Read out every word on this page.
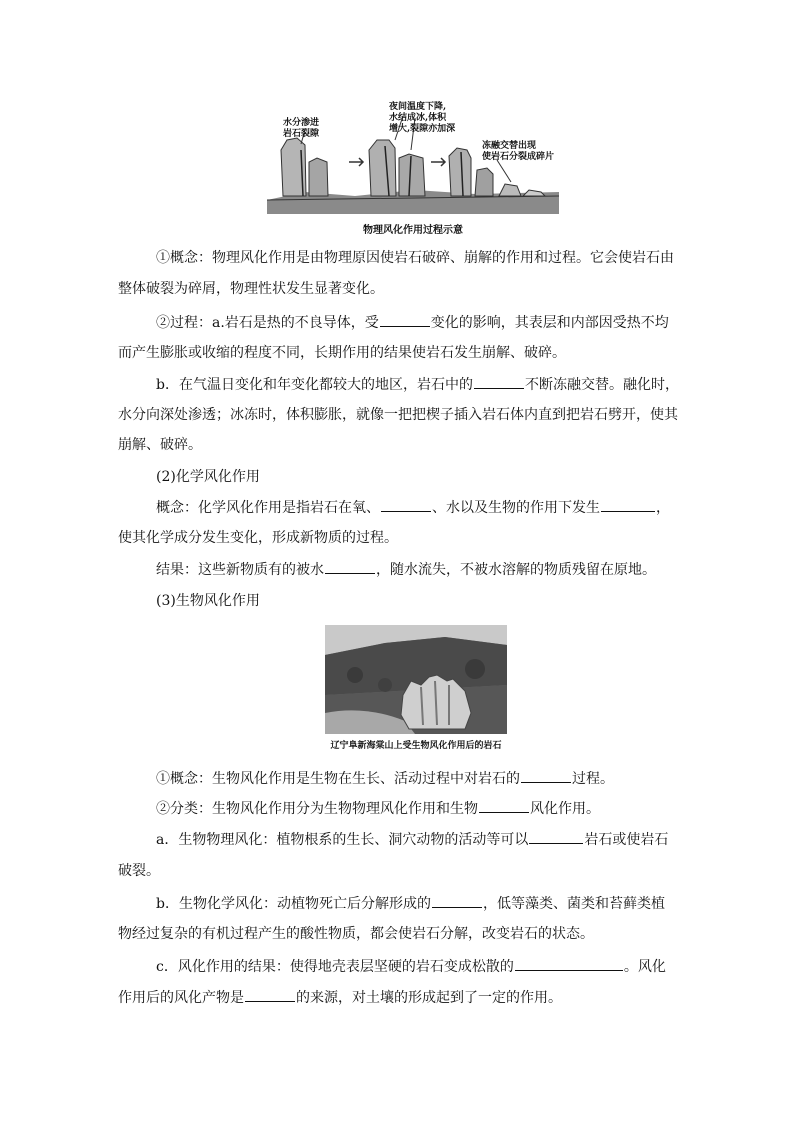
水分渗进
岩石裂隙
夜间温度下降,
水结成冰,体积
增大,裂隙亦加深
冻融交替出现
使岩石分裂成碎片
物理风化作用过程示意

①概念：物理风化作用是由物理原因使岩石破碎、崩解的作用和过程。它会使岩石由

整体破裂为碎屑，物理性状发生显著变化。

②过程：a.岩石是热的不良导体，受	变化的影响，其表层和内部因受热不均

而产生膨胀或收缩的程度不同，长期作用的结果使岩石发生崩解、破碎。

b．在气温日变化和年变化都较大的地区，岩石中的	不断冻融交替。融化时，

水分向深处渗透；冰冻时，体积膨胀，就像一把把楔子插入岩石体内直到把岩石劈开，使其

崩解、破碎。

(2)化学风化作用

概念：化学风化作用是指岩石在氧、	、水以及生物的作用下发生	，

使其化学成分发生变化，形成新物质的过程。

结果：这些新物质有的被水	，随水流失，不被水溶解的物质残留在原地。

(3)生物风化作用

辽宁阜新海棠山上受生物风化作用后的岩石

①概念：生物风化作用是生物在生长、活动过程中对岩石的	过程。

②分类：生物风化作用分为生物物理风化作用和生物	风化作用。

a．生物物理风化：植物根系的生长、洞穴动物的活动等可以	岩石或使岩石

破裂。

b．生物化学风化：动植物死亡后分解形成的	，低等藻类、菌类和苔藓类植

物经过复杂的有机过程产生的酸性物质，都会使岩石分解，改变岩石的状态。

c．风化作用的结果：使得地壳表层坚硬的岩石变成松散的	。风化

作用后的风化产物是	的来源，对土壤的形成起到了一定的作用。
